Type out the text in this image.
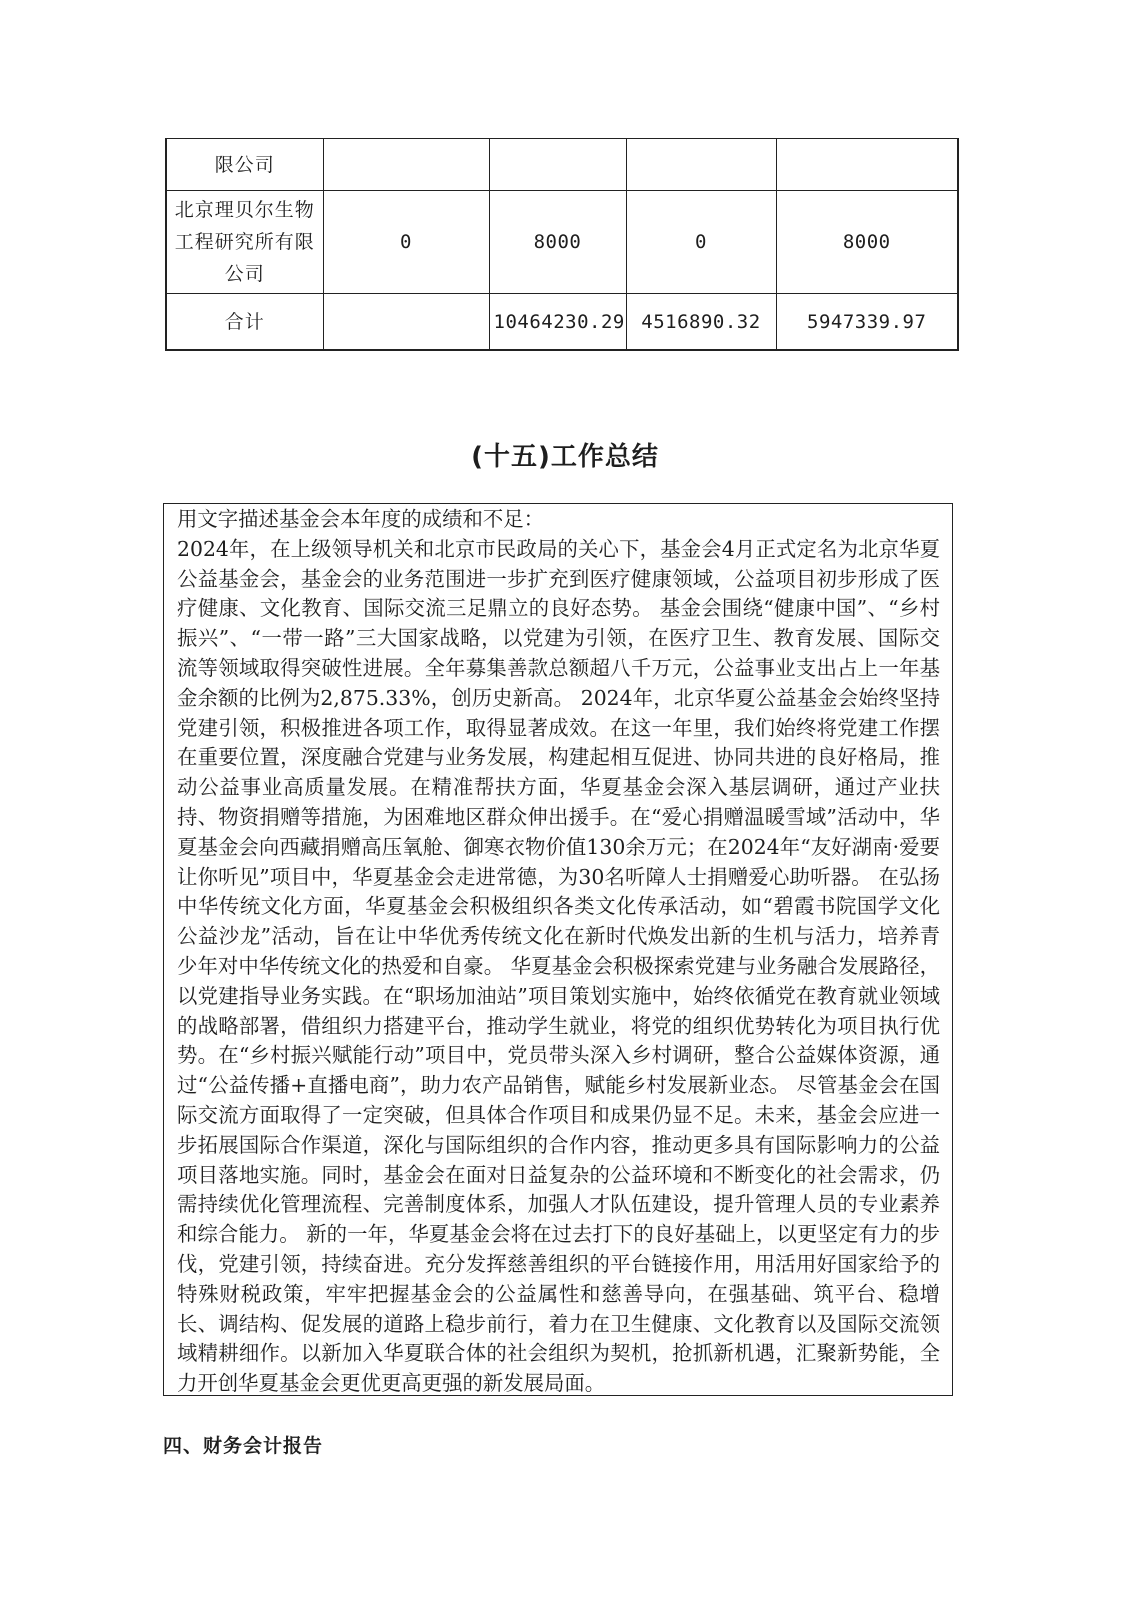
限公司				
北京理贝尔生物工程研究所有限公司	0	8000	0	8000
合计		10464230.29	4516890.32	5947339.97
(十五)工作总结

用文字描述基金会本年度的成绩和不足：

2024年，在上级领导机关和北京市民政局的关心下，基金会4月正式定名为北京华夏公益基金会，基金会的业务范围进一步扩充到医疗健康领域，公益项目初步形成了医疗健康、文化教育、国际交流三足鼎立的良好态势。 基金会围绕“健康中国”、“乡村振兴”、“一带一路”三大国家战略，以党建为引领，在医疗卫生、教育发展、国际交流等领域取得突破性进展。全年募集善款总额超八千万元，公益事业支出占上一年基金余额的比例为2,875.33%，创历史新高。 2024年，北京华夏公益基金会始终坚持党建引领，积极推进各项工作，取得显著成效。在这一年里，我们始终将党建工作摆在重要位置，深度融合党建与业务发展，构建起相互促进、协同共进的良好格局，推动公益事业高质量发展。在精准帮扶方面，华夏基金会深入基层调研，通过产业扶持、物资捐赠等措施，为困难地区群众伸出援手。在“爱心捐赠温暖雪域”活动中，华夏基金会向西藏捐赠高压氧舱、御寒衣物价值130余万元；在2024年“友好湖南·爱要让你听见”项目中，华夏基金会走进常德，为30名听障人士捐赠爱心助听器。 在弘扬中华传统文化方面，华夏基金会积极组织各类文化传承活动，如“碧霞书院国学文化公益沙龙”活动，旨在让中华优秀传统文化在新时代焕发出新的生机与活力，培养青少年对中华传统文化的热爱和自豪。 华夏基金会积极探索党建与业务融合发展路径，以党建指导业务实践。在“职场加油站”项目策划实施中，始终依循党在教育就业领域的战略部署，借组织力搭建平台，推动学生就业，将党的组织优势转化为项目执行优势。在“乡村振兴赋能行动”项目中，党员带头深入乡村调研，整合公益媒体资源，通过“公益传播+直播电商”，助力农产品销售，赋能乡村发展新业态。 尽管基金会在国际交流方面取得了一定突破，但具体合作项目和成果仍显不足。未来，基金会应进一步拓展国际合作渠道，深化与国际组织的合作内容，推动更多具有国际影响力的公益项目落地实施。同时，基金会在面对日益复杂的公益环境和不断变化的社会需求，仍需持续优化管理流程、完善制度体系，加强人才队伍建设，提升管理人员的专业素养和综合能力。 新的一年，华夏基金会将在过去打下的良好基础上，以更坚定有力的步伐，党建引领，持续奋进。充分发挥慈善组织的平台链接作用，用活用好国家给予的特殊财税政策，牢牢把握基金会的公益属性和慈善导向，在强基础、筑平台、稳增长、调结构、促发展的道路上稳步前行，着力在卫生健康、文化教育以及国际交流领域精耕细作。以新加入华夏联合体的社会组织为契机，抢抓新机遇，汇聚新势能，全力开创华夏基金会更优更高更强的新发展局面。

四、财务会计报告
